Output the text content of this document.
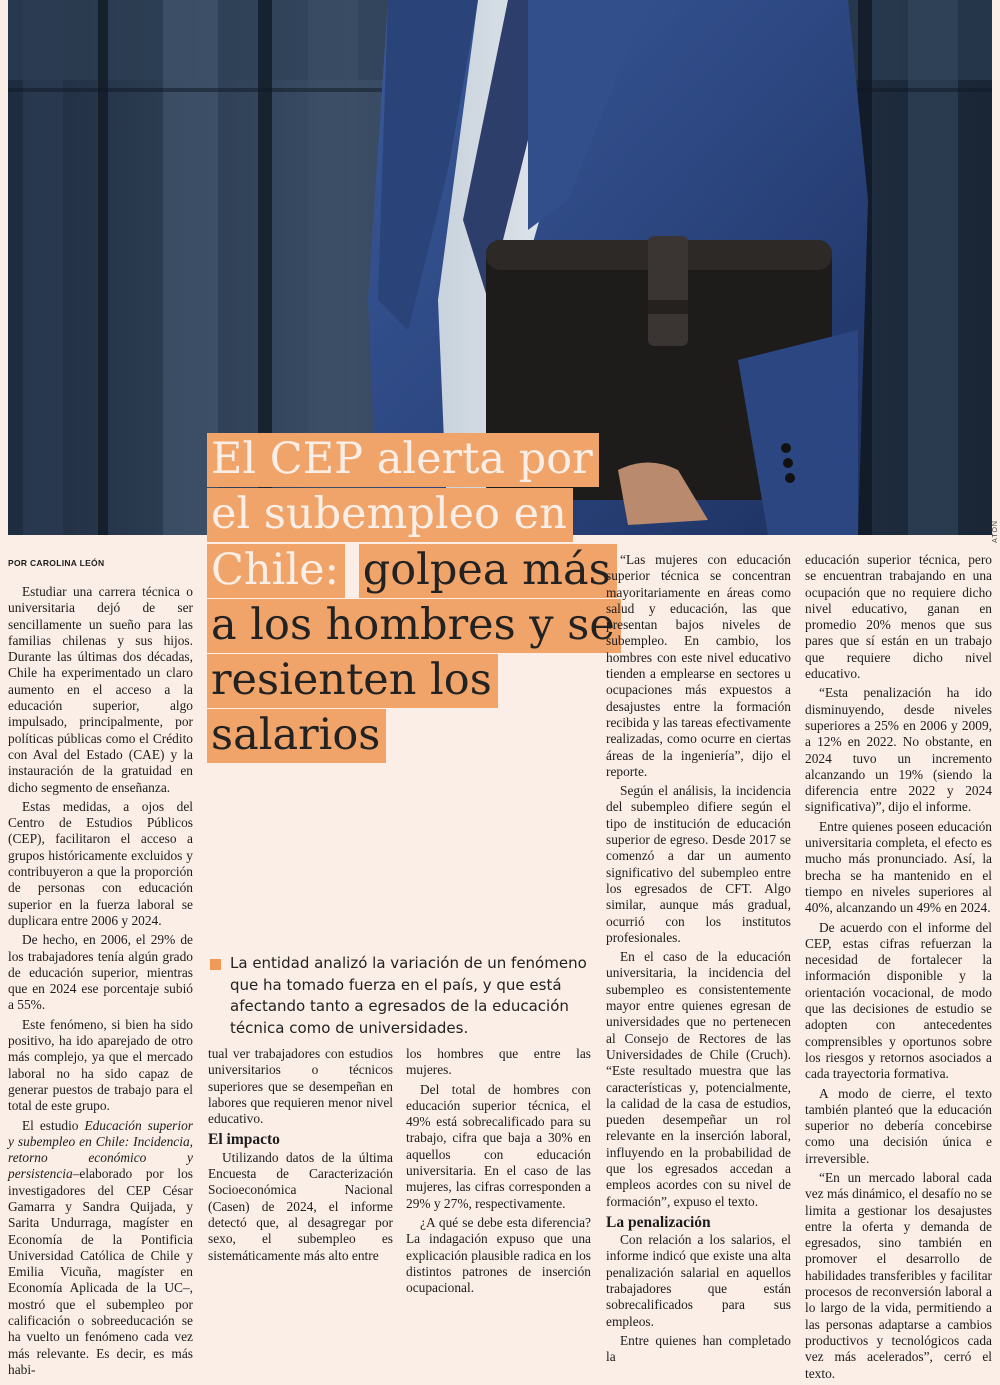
ATON
El CEP alerta por el subempleo en Chile: golpea más a los hombres y se resienten los salarios
POR CAROLINA LEÓN

Estudiar una carrera técnica o universitaria dejó de ser sencillamente un sueño para las familias chilenas y sus hijos. Durante las últimas dos décadas, Chile ha experimentado un claro aumento en el acceso a la educación superior, algo impulsado, principalmente, por políticas públicas como el Crédito con Aval del Estado (CAE) y la instauración de la gratuidad en dicho segmento de enseñanza.

Estas medidas, a ojos del Centro de Estudios Públicos (CEP), facilitaron el acceso a grupos históricamente excluidos y contribuyeron a que la proporción de personas con educación superior en la fuerza laboral se duplicara entre 2006 y 2024.

De hecho, en 2006, el 29% de los trabajadores tenía algún grado de educación superior, mientras que en 2024 ese porcentaje subió a 55%.

Este fenómeno, si bien ha sido positivo, ha ido aparejado de otro más complejo, ya que el mercado laboral no ha sido capaz de generar puestos de trabajo para el total de este grupo.

El estudio Educación superior y subempleo en Chile: Incidencia, retorno económico y persistencia–elaborado por los investigadores del CEP César Gamarra y Sandra Quijada, y Sarita Undurraga, magíster en Economía de la Pontificia Universidad Católica de Chile y Emilia Vicuña, magíster en Economía Aplicada de la UC–, mostró que el subempleo por calificación o sobreeducación se ha vuelto un fenómeno cada vez más relevante. Es decir, es más habi-

La entidad analizó la variación de un fenómeno que ha tomado fuerza en el país, y que está afectando tanto a egresados de la educación técnica como de universidades.

tual ver trabajadores con estudios universitarios o técnicos superiores que se desempeñan en labores que requieren menor nivel educativo.

El impacto

Utilizando datos de la última Encuesta de Caracterización Socioeconómica Nacional (Casen) de 2024, el informe detectó que, al desagregar por sexo, el subempleo es sistemáticamente más alto entre

los hombres que entre las mujeres.

Del total de hombres con educación superior técnica, el 49% está sobrecalificado para su trabajo, cifra que baja a 30% en aquellos con educación universitaria. En el caso de las mujeres, las cifras corresponden a 29% y 27%, respectivamente.

¿A qué se debe esta diferencia? La indagación expuso que una explicación plausible radica en los distintos patrones de inserción ocupacional.

“Las mujeres con educación superior técnica se concentran mayoritariamente en áreas como salud y educación, las que presentan bajos niveles de subempleo. En cambio, los hombres con este nivel educativo tienden a emplearse en sectores u ocupaciones más expuestos a desajustes entre la formación recibida y las tareas efectivamente realizadas, como ocurre en ciertas áreas de la ingeniería”, dijo el reporte.

Según el análisis, la incidencia del subempleo difiere según el tipo de institución de educación superior de egreso. Desde 2017 se comenzó a dar un aumento significativo del subempleo entre los egresados de CFT. Algo similar, aunque más gradual, ocurrió con los institutos profesionales.

En el caso de la educación universitaria, la incidencia del subempleo es consistentemente mayor entre quienes egresan de universidades que no pertenecen al Consejo de Rectores de las Universidades de Chile (Cruch). “Este resultado muestra que las características y, potencialmente, la calidad de la casa de estudios, pueden desempeñar un rol relevante en la inserción laboral, influyendo en la probabilidad de que los egresados accedan a empleos acordes con su nivel de formación”, expuso el texto.

La penalización

Con relación a los salarios, el informe indicó que existe una alta penalización salarial en aquellos trabajadores que están sobrecalificados para sus empleos.

Entre quienes han completado la

educación superior técnica, pero se encuentran trabajando en una ocupación que no requiere dicho nivel educativo, ganan en promedio 20% menos que sus pares que sí están en un trabajo que requiere dicho nivel educativo.

“Esta penalización ha ido disminuyendo, desde niveles superiores a 25% en 2006 y 2009, a 12% en 2022. No obstante, en 2024 tuvo un incremento alcanzando un 19% (siendo la diferencia entre 2022 y 2024 significativa)”, dijo el informe.

Entre quienes poseen educación universitaria completa, el efecto es mucho más pronunciado. Así, la brecha se ha mantenido en el tiempo en niveles superiores al 40%, alcanzando un 49% en 2024.

De acuerdo con el informe del CEP, estas cifras refuerzan la necesidad de fortalecer la información disponible y la orientación vocacional, de modo que las decisiones de estudio se adopten con antecedentes comprensibles y oportunos sobre los riesgos y retornos asociados a cada trayectoria formativa.

A modo de cierre, el texto también planteó que la educación superior no debería concebirse como una decisión única e irreversible.

“En un mercado laboral cada vez más dinámico, el desafío no se limita a gestionar los desajustes entre la oferta y demanda de egresados, sino también en promover el desarrollo de habilidades transferibles y facilitar procesos de reconversión laboral a lo largo de la vida, permitiendo a las personas adaptarse a cambios productivos y tecnológicos cada vez más acelerados”, cerró el texto.
